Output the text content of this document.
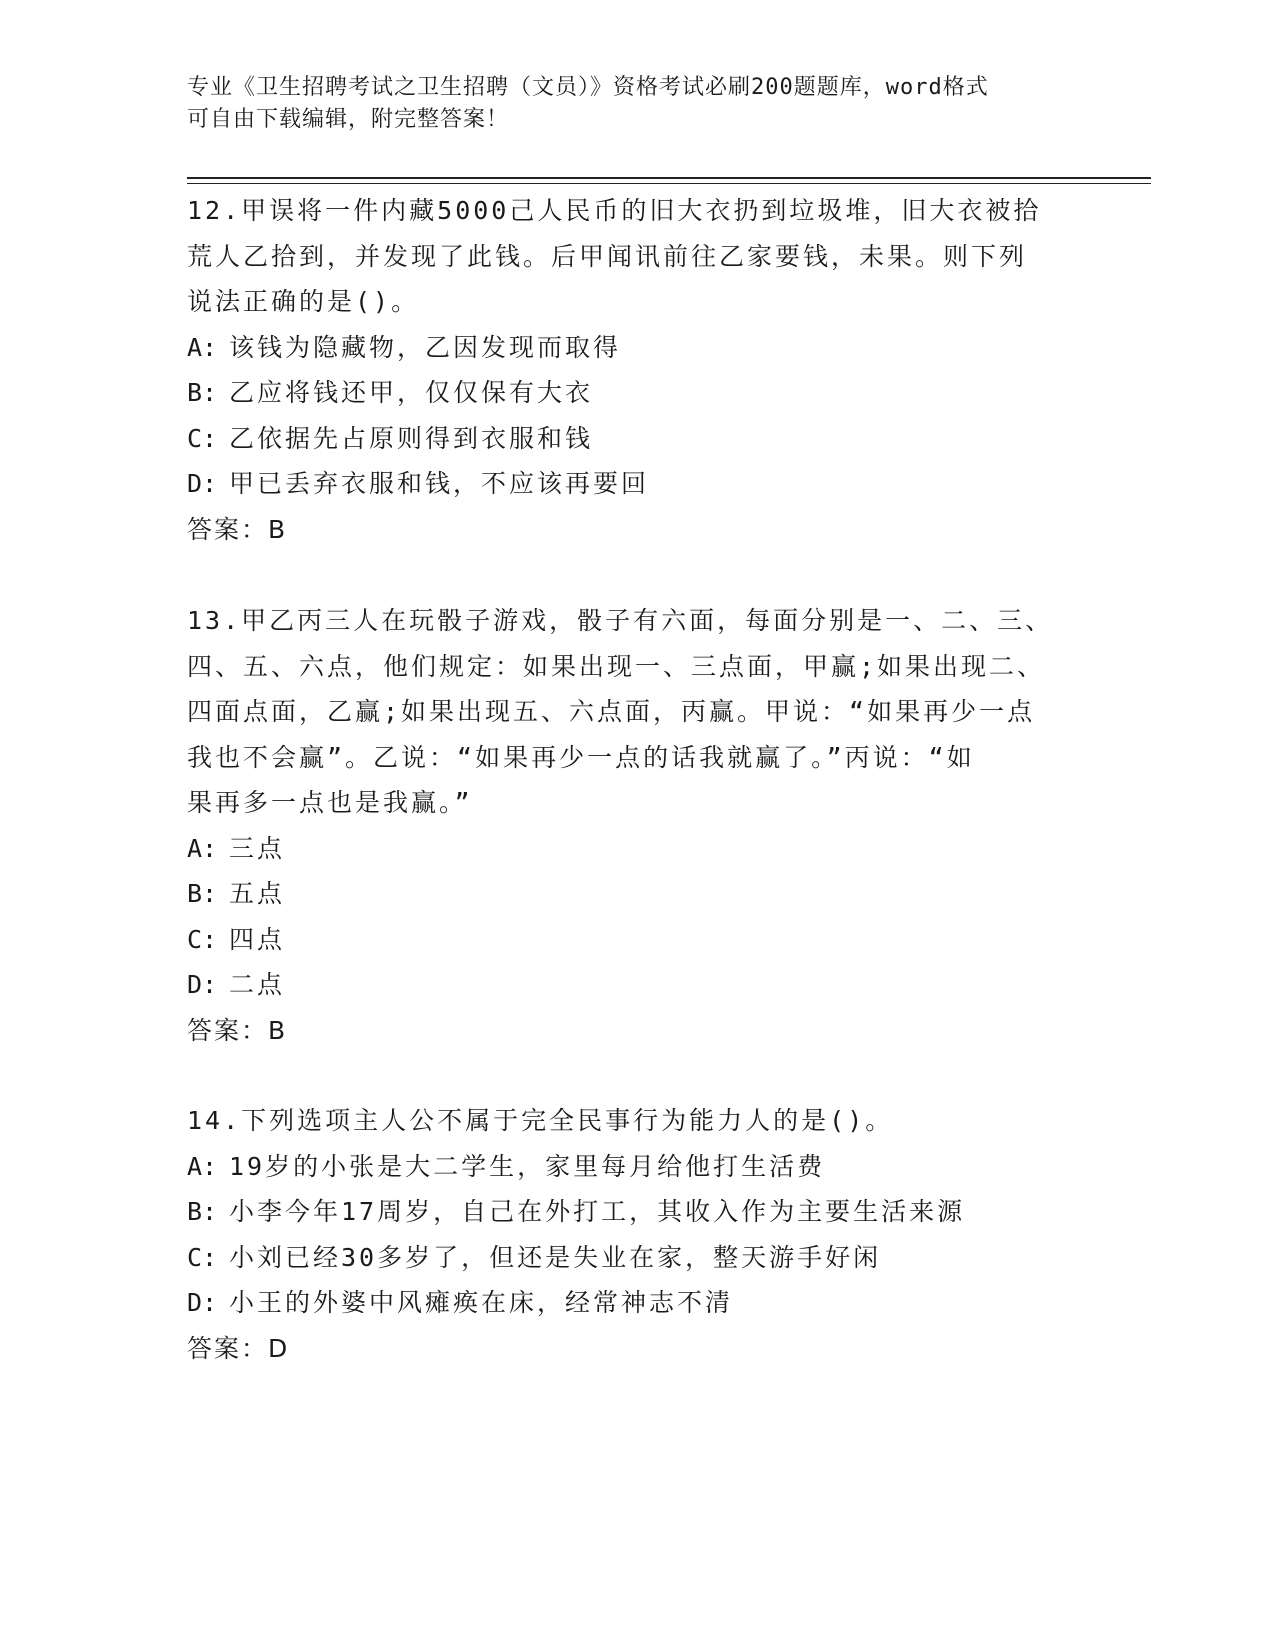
专业《卫生招聘考试之卫生招聘（文员）》资格考试必刷200题题库，word格式
可自由下载编辑，附完整答案！
12.甲误将一件内藏5000己人民币的旧大衣扔到垃圾堆，旧大衣被拾
荒人乙拾到，并发现了此钱。后甲闻讯前往乙家要钱，未果。则下列
说法正确的是()。
A: 该钱为隐藏物，乙因发现而取得
B: 乙应将钱还甲，仅仅保有大衣
C: 乙依据先占原则得到衣服和钱
D: 甲已丢弃衣服和钱，不应该再要回
答案：B
13.甲乙丙三人在玩骰子游戏，骰子有六面，每面分别是一、二、三、
四、五、六点，他们规定：如果出现一、三点面，甲赢;如果出现二、
四面点面，乙赢;如果出现五、六点面，丙赢。甲说：“如果再少一点
我也不会赢”。乙说：“如果再少一点的话我就赢了。”丙说：“如
果再多一点也是我赢。”
A: 三点
B: 五点
C: 四点
D: 二点
答案：B
14.下列选项主人公不属于完全民事行为能力人的是()。
A: 19岁的小张是大二学生，家里每月给他打生活费
B: 小李今年17周岁，自己在外打工，其收入作为主要生活来源
C: 小刘已经30多岁了，但还是失业在家，整天游手好闲
D: 小王的外婆中风瘫痪在床，经常神志不清
答案：D
